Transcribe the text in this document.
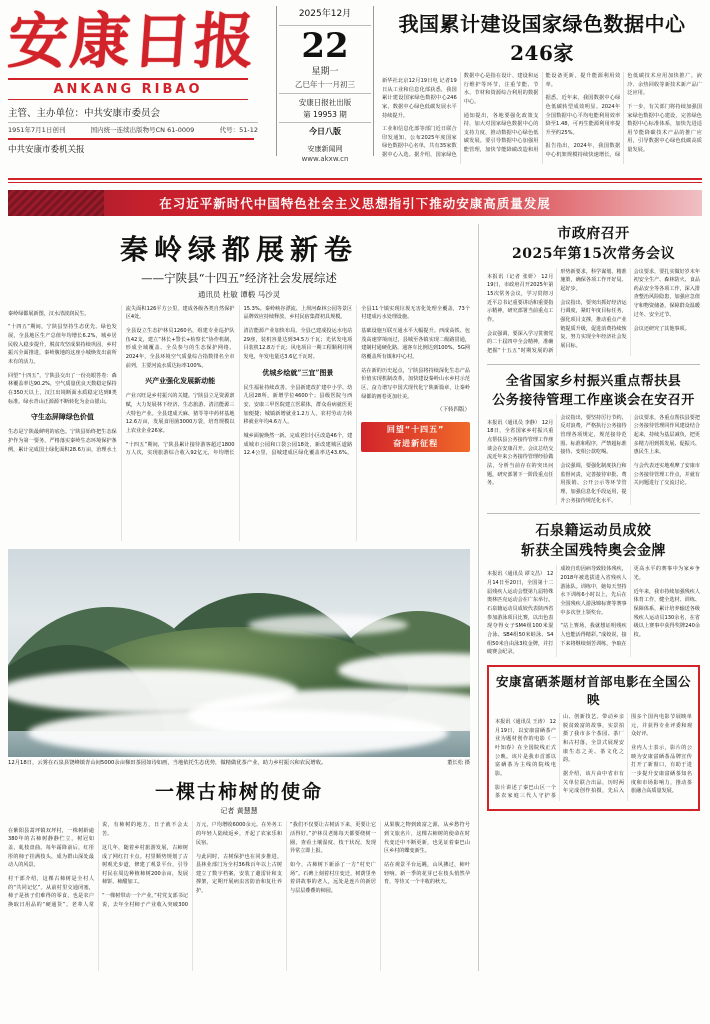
安康日报
ANKANG RIBAO
主管、主办单位：中共安康市委员会
1951年7月1日创刊	国内统一连续出版物号CN 61-0009	代号：51-12
中共安康市委机关报
2025年12月
22
星期一
乙巳年十一月初三
安康日报社出版
第 19953 期
今日八版
安康新闻网
www.akxw.cn
我国累计建设国家绿色数据中心246家

新华社北京12月19日电 记者19日从工业和信息化部获悉，我国累计建设国家绿色数据中心246家，数据中心绿色低碳发展水平持续提升。

工业和信息化部等部门近日联合印发通知，公布2025年度国家绿色数据中心名单，共有35家数据中心入选。据介绍，国家绿色数据中心是指在设计、建设和运行维护等环节，注重节能、节水、节材和资源综合利用的数据中心。

通知提出，各地要强化政策支持，加大对国家绿色数据中心的支持力度，推动数据中心绿色低碳发展。要引导数据中心加强用能管理，加快节能降碳改造和用能设备更新，提升能源利用效率。

据悉，近年来，我国数据中心绿色低碳转型成效明显。2024年全国数据中心平均电能利用效率降至1.48，可再生能源利用率提升至约25%。

报告指出，2024年，我国数据中心机架规模持续快速增长，绿色低碳技术应用加快推广，液冷、余热回收等新技术新产品广泛应用。

下一步，有关部门将持续加强国家绿色数据中心建设，完善绿色数据中心标准体系，加快先进适用节能降碳技术产品的推广应用，引导数据中心绿色低碳高质量发展。

在习近平新时代中国特色社会主义思想指引下推动安康高质量发展
秦岭绿都展新卷
——宁陕县“十四五”经济社会发展综述
通讯员 杜敏 谭椴 马沙灵

秦岭绿都展新图，汉水清波润民生。

“十四五”期间，宁陕县坚持生态优先、绿色发展，全县地区生产总值年均增长6.2%，城乡居民收入稳步提升，脱贫攻坚成果持续巩固，乡村振兴全面推进，秦岭腹地的这座小城焕发出前所未有的活力。

回望“十四五”，宁陕县交出了一份亮眼答卷：森林覆盖率达90.2%，空气质量优良天数稳定保持在350天以上，汉江出境断面水质稳定达到Ⅱ类标准。绿水青山正源源不断转化为金山银山。

守生态屏障绿色价值

生态是宁陕最鲜明的底色。宁陕县始终把生态保护作为第一要务，严格落实秦岭生态环境保护条例，累计完成国土绿化面积28.6万亩，治理水土流失面积126平方公里，建成各级各类自然保护区4处。

全县设立生态护林员1260名，组建专业巡护队伍42支，建立“林长+警长+检察长”协作机制，形成全域覆盖、全员参与的生态保护网络。2024年，全县环境空气质量综合指数排名全市前列，主要河流水质达标率100%。

兴产业强化发展新动能

产业兴旺是乡村振兴的关键。宁陕县立足资源禀赋，大力发展林下经济、生态旅游、清洁能源三大特色产业。全县建成天麻、猪苓等中药材基地12.6万亩，发展食用菌3000万袋，培育规模以上农业企业26家。

“十四五”期间，宁陕县累计接待游客超过1800万人次，实现旅游综合收入92亿元，年均增长15.3%。秦岭峡谷漂流、上坝河森林公园等景区品牌效应持续释放，乡村民宿集群初具规模。

清洁能源产业加快布局。全县已建成投运水电站29座，装机容量达到34.5万千瓦；光伏发电项目装机12.8万千瓦；风电项目一期工程顺利并网发电，年发电量达3.6亿千瓦时。

优城乡绘就“三宜”图景

民生福祉持续改善。全县新建改扩建中小学、幼儿园28所，新增学位4600个；县级医院与西安、安康三甲医院建立医联体，群众看病就医更加便捷；城镇新增就业1.2万人，农村劳动力转移就业年均4.6万人。

城乡面貌焕然一新。完成老旧小区改造46个，建成城市公园和口袋公园18处，新改建城区道路12.4公里，县城建成区绿化覆盖率达43.6%。全县11个镇实现垃圾无害化处理全覆盖，73个村建成污水处理设施。

基础设施互联互通水平大幅提升。西成高铁、包茂高速穿境而过，县城至各镇实现二级路贯通，建制村通硬化路、通客车比例达到100%，5G网络覆盖所有镇和中心村。

站在新的历史起点，宁陕县将持续深化生态产品价值实现机制改革，加快建设秦岭山水乡村示范区，奋力谱写中国式现代化宁陕新篇章，让秦岭绿都的画卷更加壮美。

（下转四版）
回望“十四五”
奋进新征程
董长松 摄
12月18日，云雾在石泉县饶峰镇青山间5000余亩梯田茶园如诗如画，当地依托生态优势，做精做优茶产业，助力乡村振兴和农民增收。
一棵古柿树的使命
记者 黄慧慧

在紫阳县蒿坪镇双坪村，一株树龄逾380年的古柿树静静伫立，树冠如盖，虬枝盘曲。每年霜降前后，红彤彤的柿子挂满枝头，成为群山深处最动人的风景。

村干部介绍，这棵古柿树是全村人的“共同记忆”。从前村里交通闭塞，柿子是孩子们难得的零食，也是农户换取日用品的“硬通货”。老辈人常说，有柿树的地方，日子就不会太苦。

这几年，随着乡村旅游发展，古柿树成了网红打卡点。村里顺势规划了古树观光步道，修建了观景平台，引导村民在周边种植柿树200余亩，发展柿饼、柿醋加工。

“一棵树带动一个产业。”村党支部书记说，去年全村柿子产业收入突破300万元，户均增收6000余元。在外务工的年轻人陆续返乡，开起了农家乐和民宿。

与此同时，古树保护也在同步推进。县林业部门为全村36株百年以上古树建立了数字档案，安装了避雷针和支撑架，定期开展病虫害防治和复壮养护。

“我们不仅要让古树活下来，更要让它活得好。”护林员老陈每天都要绕树一圈，查看土壤湿度、枝干状况，发现异常立即上报。

如今，古柿树下新添了一方“村史广场”。石碑上刻着村庄变迁，树荫里坐着讲故事的老人，远处是连片的新居与层层叠叠的柿园。

从果腹之物到致富之源，从乡愁符号到文旅名片，这棵古柿树的使命在时代变迁中不断更新，也见证着秦巴山区乡村的蝶变新生。

站在观景平台远眺，山风拂过，柿叶轻响。新一季的花芽已在枝头悄然孕育，等待又一个丰收的秋天。

市政府召开
2025年第15次常务会议

本报讯（记者 张妍） 12月19日，市政府召开2025年第15次常务会议，学习贯彻习近平总书记重要讲话和重要指示精神，研究部署当前重点工作。

会议强调，要深入学习贯彻党的二十届四中全会精神，准确把握“十五五”时期发展的新形势新要求，科学谋划、精准施策，确保各项工作开好局、起好步。

会议指出，要突出抓好经济运行调度，紧盯年度目标任务，强化项目支撑，推动重点产业链提质升级，促进消费持续恢复，努力实现全年经济社会发展目标。

会议要求，要扎实做好岁末年初安全生产、森林防火、食品药品安全等各项工作，深入排查整治风险隐患，加强应急值守和物资储备，保障群众温暖过冬、安全过节。

会议还研究了其他事项。

全省国家乡村振兴重点帮扶县
公务接待管理工作座谈会在安召开

本报讯（通讯员 李静） 12月18日，全省国家乡村振兴重点帮扶县公务接待管理工作座谈会在安康召开。会议总结交流近年来公务接待管理经验做法，分析当前存在的突出问题，研究部署下一阶段重点任务。

会议指出，要坚持厉行节约、反对浪费，严格执行公务接待管理各项规定，规范接待范围、标准和程序，严禁超标准接待、变相公款吃喝。

会议强调，要强化制度执行和监督问责，完善接待审批、费用报销、公开公示等环节管理，加强信息化手段运用，提升公务接待规范化水平。

会议要求，各重点帮扶县要把公务接待管理同作风建设结合起来，持续为基层减负，把更多精力用到抓发展、促振兴、惠民生上来。

与会代表还实地观摩了安康市公务接待管理工作点，并就有关问题进行了交流讨论。

石泉籍运动员成姣
斩获全国残特奥会金牌

本报讯（通讯员 谭文昌） 12月14日至20日，全国第十二届残疾人运动会暨第九届特殊奥林匹克运动会在广东举行。石泉籍运动员成姣代表陕西省参加游泳项目比赛，以出色表现夺得女子SM4组100米混合泳、SB4组50米蛙泳、S4组50米自由泳3枚金牌，并打破赛会纪录。

成姣自幼因病导致肢体残疾，2018年被选拔进入省残疾人游泳队。训练中，她每天坚持水下训练6小时以上，先后在全国残疾人游泳锦标赛等赛事中多次登上领奖台。

“站上赛场，我就想证明残疾人也能活得精彩。”成姣说，接下来将继续刻苦训练，争取在更高水平的赛事中为家乡争光。

近年来，我市持续加强残疾人体育工作，健全选材、训练、保障体系，累计培养输送各级残疾人运动员130余名，在省级以上赛事中获得奖牌240余枚。

安康富硒茶题材首部电影在全国公映

本报讯（通讯员 王涛） 12月19日，以安康富硒茶产业为题材创作的电影《一叶知春》在全国院线正式公映。该片是我市首部以富硒茶为主线的院线电影。

影片讲述了秦巴山区一个茶农家庭三代人守护茶山、创新技艺、带动乡亲脱贫致富的故事，实景拍摄了我市多个茶园、茶厂和古村落，全景式展现安康生态之美、茶文化之韵。

据介绍，该片由中省市有关单位联合出品，历时两年完成创作拍摄，先后入围多个国内电影节展映单元，并获得专业评委和观众好评。

业内人士表示，影片的公映为安康富硒茶品牌宣传打开了新窗口，有助于进一步提升安康富硒茶知名度和市场影响力，推动茶旅融合高质量发展。
